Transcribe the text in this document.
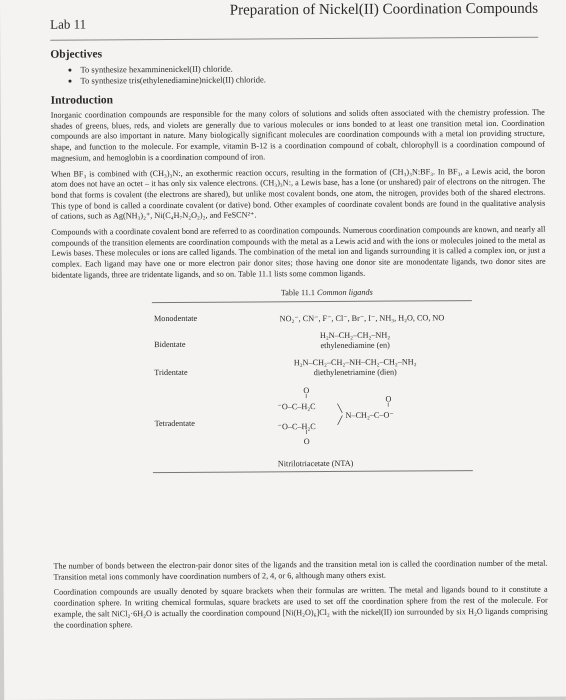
Lab 11
Preparation of Nickel(II) Coordination Compounds
Objectives
• To synthesize hexamminenickel(II) chloride.
• To synthesize tris(ethylenediamine)nickel(II) chloride.
Introduction

Inorganic coordination compounds are responsible for the many colors of solutions and solids often associated with the chemistry profession. The shades of greens, blues, reds, and violets are generally due to various molecules or ions bonded to at least one transition metal ion. Coordination compounds are also important in nature. Many biologically significant molecules are coordination compounds with a metal ion providing structure, shape, and function to the molecule. For example, vitamin B-12 is a coordination compound of cobalt, chlorophyll is a coordination compound of magnesium, and hemoglobin is a coordination compound of iron.

When BF₃ is combined with (CH₃)₃N:, an exothermic reaction occurs, resulting in the formation of (CH₃)₃N:BF₃. In BF₃, a Lewis acid, the boron atom does not have an octet – it has only six valence electrons. (CH₃)₃N:, a Lewis base, has a lone (or unshared) pair of electrons on the nitrogen. The bond that forms is covalent (the electrons are shared), but unlike most covalent bonds, one atom, the nitrogen, provides both of the shared electrons. This type of bond is called a coordinate covalent (or dative) bond. Other examples of coordinate covalent bonds are found in the qualitative analysis of cations, such as Ag(NH₃)₂⁺, Ni(C₄H₇N₂O₂)₂, and FeSCN²⁺.

Compounds with a coordinate covalent bond are referred to as coordination compounds. Numerous coordination compounds are known, and nearly all compounds of the transition elements are coordination compounds with the metal as a Lewis acid and with the ions or molecules joined to the metal as Lewis bases. These molecules or ions are called ligands. The combination of the metal ion and ligands surrounding it is called a complex ion, or just a complex. Each ligand may have one or more electron pair donor sites; those having one donor site are monodentate ligands, two donor sites are bidentate ligands, three are tridentate ligands, and so on. Table 11.1 lists some common ligands.

Table 11.1 Common ligands
Monodentate	NO₂⁻, CN⁻, F⁻, Cl⁻, Br⁻, I⁻, NH₃, H₂O, CO, NO
Bidentate
H₂N–CH₂–CH₂–NH₂
ethylenediamine (en)
Tridentate
H₂N–CH₂–CH₂–NH–CH₂–CH₂–NH₂
diethylenetriamine (dien)
Tetradentate
O
‖
⁻O–C–H₂C	╲
N–CH₂–C–O⁻
O
‖
╱
⁻O–C–H₂C
‖
O
Nitrilotriacetate (NTA)

The number of bonds between the electron-pair donor sites of the ligands and the transition metal ion is called the coordination number of the metal. Transition metal ions commonly have coordination numbers of 2, 4, or 6, although many others exist.

Coordination compounds are usually denoted by square brackets when their formulas are written. The metal and ligands bound to it constitute a coordination sphere. In writing chemical formulas, square brackets are used to set off the coordination sphere from the rest of the molecule. For example, the salt NiCl₂·6H₂O is actually the coordination compound [Ni(H₂O)₆]Cl₂ with the nickel(II) ion surrounded by six H₂O ligands comprising the coordination sphere.
